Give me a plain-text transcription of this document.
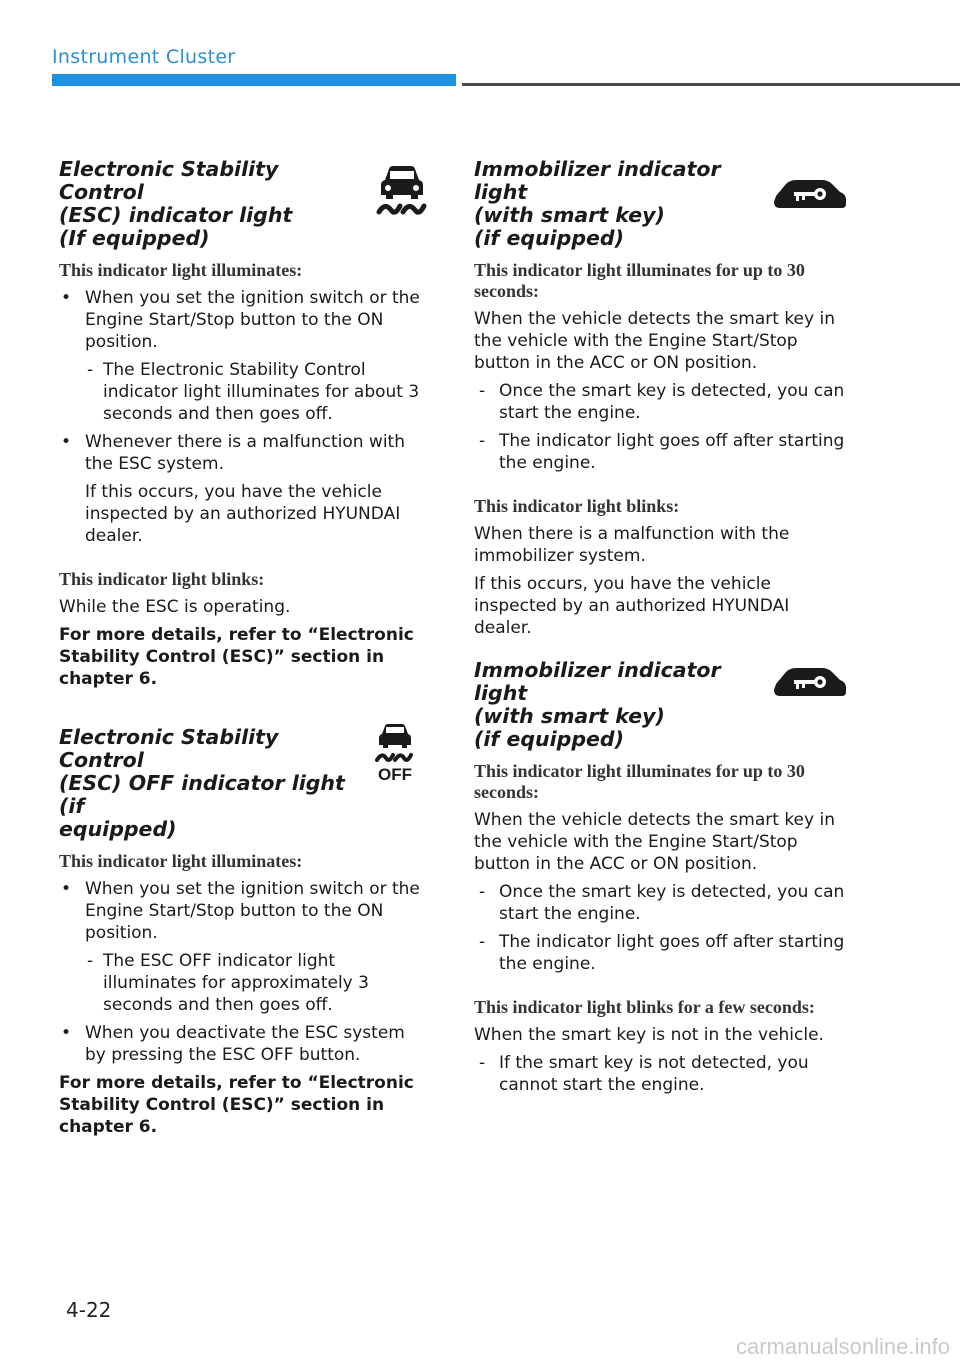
Instrument Cluster
Electronic Stability Control
(ESC) indicator light
(If equipped)
This indicator light illuminates:
• When you set the ignition switch or the Engine Start/Stop button to the ON position.
- The Electronic Stability Control indicator light illuminates for about 3 seconds and then goes off.
• Whenever there is a malfunction with the ESC system.
If this occurs, you have the vehicle inspected by an authorized HYUNDAI dealer.
This indicator light blinks:

While the ESC is operating.

For more details, refer to “Electronic Stability Control (ESC)” section in chapter 6.

Electronic Stability Control
(ESC) OFF indicator light (if
equipped)
OFF
This indicator light illuminates:
• When you set the ignition switch or the Engine Start/Stop button to the ON position.
- The ESC OFF indicator light illuminates for approximately 3 seconds and then goes off.
• When you deactivate the ESC system by pressing the ESC OFF button.

For more details, refer to “Electronic Stability Control (ESC)” section in chapter 6.

Immobilizer indicator light
(with smart key)
(if equipped)
This indicator light illuminates for up to 30 seconds:

When the vehicle detects the smart key in the vehicle with the Engine Start/Stop button in the ACC or ON position.

- Once the smart key is detected, you can start the engine.
- The indicator light goes off after starting the engine.
This indicator light blinks:

When there is a malfunction with the immobilizer system.

If this occurs, you have the vehicle inspected by an authorized HYUNDAI dealer.

Immobilizer indicator light
(with smart key)
(if equipped)
This indicator light illuminates for up to 30 seconds:

When the vehicle detects the smart key in the vehicle with the Engine Start/Stop button in the ACC or ON position.

- Once the smart key is detected, you can start the engine.
- The indicator light goes off after starting the engine.
This indicator light blinks for a few seconds:

When the smart key is not in the vehicle.

- If the smart key is not detected, you cannot start the engine.
4-22
carmanualsonline.info
